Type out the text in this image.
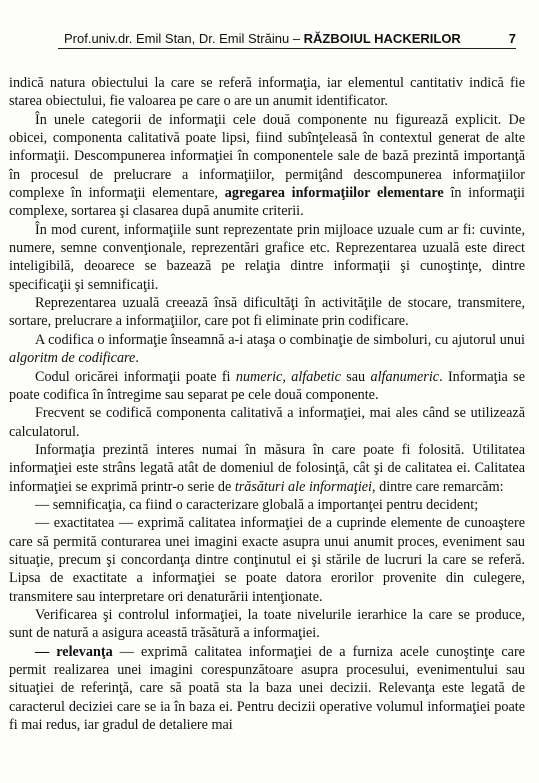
Prof.univ.dr. Emil Stan, Dr. Emil Străinu – RĂZBOIUL HACKERILOR	7

indică natura obiectului la care se referă informaţia, iar elementul cantitativ indică fie starea obiectului, fie valoarea pe care o are un anumit identificator.

În unele categorii de informaţii cele două componente nu figurează explicit. De obicei, componenta calitativă poate lipsi, fiind subînţeleasă în contextul generat de alte informaţii. Descompunerea informaţiei în componentele sale de bază prezintă importanţă în procesul de prelucrare a informaţiilor, permiţând descompunerea informaţiilor complexe în informaţii elementare, agregarea informaţiilor elementare în informaţii complexe, sortarea şi clasarea după anumite criterii.

În mod curent, informaţiile sunt reprezentate prin mijloace uzuale cum ar fi: cuvinte, numere, semne convenţionale, reprezentări grafice etc. Reprezentarea uzuală este direct inteligibilă, deoarece se bazează pe relaţia dintre informaţii şi cunoştinţe, dintre specificaţii şi semnificaţii.

Reprezentarea uzuală creează însă dificultăţi în activităţile de stocare, transmitere, sortare, prelucrare a informaţiilor, care pot fi eliminate prin codificare.

A codifica o informaţie înseamnă a-i ataşa o combinaţie de simboluri, cu ajutorul unui algoritm de codificare.

Codul oricărei informaţii poate fi numeric, alfabetic sau alfanumeric. Informaţia se poate codifica în întregime sau separat pe cele două componente.

Frecvent se codifică componenta calitativă a informaţiei, mai ales când se utilizează calculatorul.

Informaţia prezintă interes numai în măsura în care poate fi folosită. Utilitatea informaţiei este strâns legată atât de domeniul de folosinţă, cât şi de calitatea ei. Calitatea informaţiei se exprimă printr-o serie de trăsături ale informaţiei, dintre care remarcăm:

— semnificaţia, ca fiind o caracterizare globală a importanţei pentru decident;

— exactitatea — exprimă calitatea informaţiei de a cuprinde elemente de cunoaştere care să permită conturarea unei imagini exacte asupra unui anumit proces, eveniment sau situaţie, precum şi concordanţa dintre conţinutul ei şi stările de lucruri la care se referă. Lipsa de exactitate a informaţiei se poate datora erorilor provenite din culegere, transmitere sau interpretare ori denaturării intenţionate.

Verificarea şi controlul informaţiei, la toate nivelurile ierarhice la care se produce, sunt de natură a asigura această trăsătură a informaţiei.

— relevanţa — exprimă calitatea informaţiei de a furniza acele cunoştinţe care permit realizarea unei imagini corespunzătoare asupra procesului, evenimentului sau situaţiei de referinţă, care să poată sta la baza unei decizii. Relevanţa este legată de caracterul deciziei care se ia în baza ei. Pentru decizii operative volumul informaţiei poate fi mai redus, iar gradul de detaliere mai
